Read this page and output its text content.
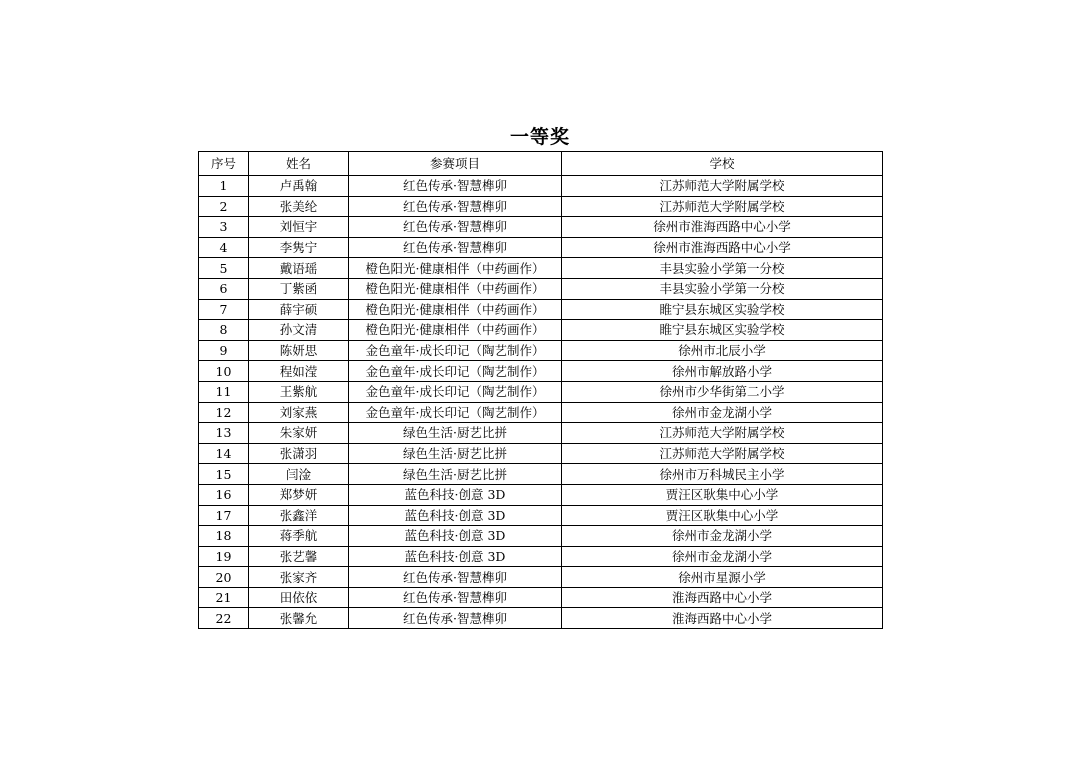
一等奖
序号	姓名	参赛项目	学校
1	卢禹翰	红色传承·智慧榫卯	江苏师范大学附属学校
2	张美纶	红色传承·智慧榫卯	江苏师范大学附属学校
3	刘恒宇	红色传承·智慧榫卯	徐州市淮海西路中心小学
4	李隽宁	红色传承·智慧榫卯	徐州市淮海西路中心小学
5	戴语瑶	橙色阳光·健康相伴（中药画作）	丰县实验小学第一分校
6	丁紫函	橙色阳光·健康相伴（中药画作）	丰县实验小学第一分校
7	薛宇硕	橙色阳光·健康相伴（中药画作）	睢宁县东城区实验学校
8	孙文清	橙色阳光·健康相伴（中药画作）	睢宁县东城区实验学校
9	陈妍思	金色童年·成长印记（陶艺制作）	徐州市北辰小学
10	程如滢	金色童年·成长印记（陶艺制作）	徐州市解放路小学
11	王紫航	金色童年·成长印记（陶艺制作）	徐州市少华街第二小学
12	刘家燕	金色童年·成长印记（陶艺制作）	徐州市金龙湖小学
13	朱家妍	绿色生活·厨艺比拼	江苏师范大学附属学校
14	张潇羽	绿色生活·厨艺比拼	江苏师范大学附属学校
15	闫淦	绿色生活·厨艺比拼	徐州市万科城民主小学
16	郑梦妍	蓝色科技·创意 3D	贾汪区耿集中心小学
17	张鑫洋	蓝色科技·创意 3D	贾汪区耿集中心小学
18	蒋季航	蓝色科技·创意 3D	徐州市金龙湖小学
19	张艺馨	蓝色科技·创意 3D	徐州市金龙湖小学
20	张家齐	红色传承·智慧榫卯	徐州市星源小学
21	田依依	红色传承·智慧榫卯	淮海西路中心小学
22	张馨允	红色传承·智慧榫卯	淮海西路中心小学
